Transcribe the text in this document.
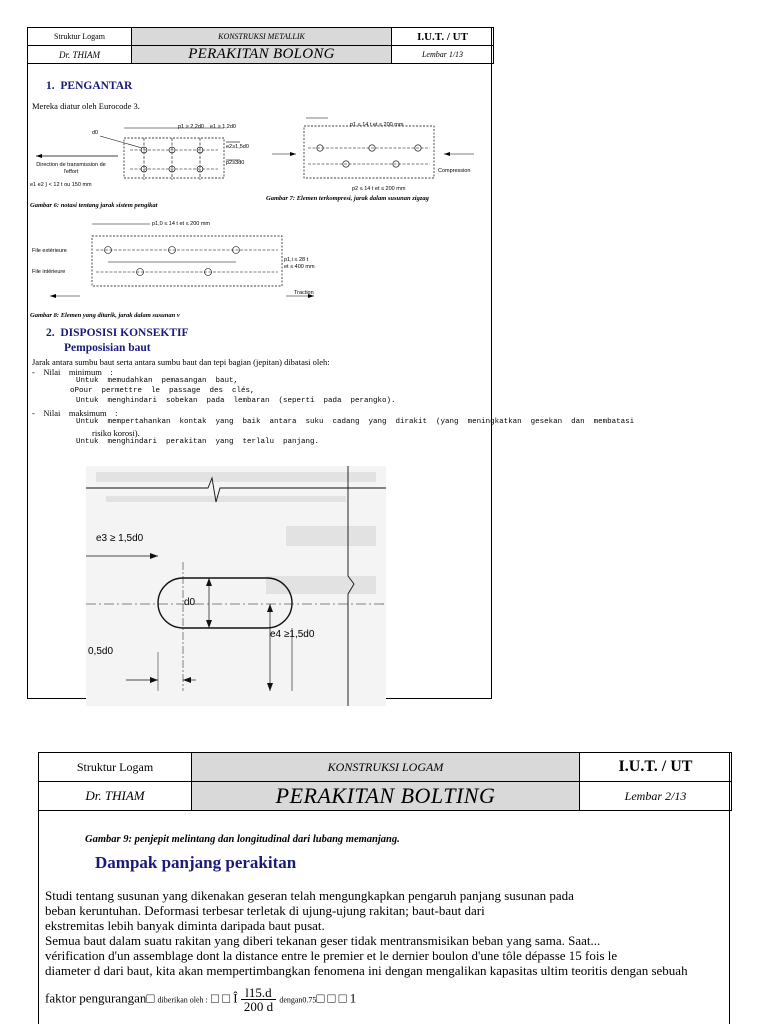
Struktur Logam	KONSTRUKSI METALLIK	I.U.T. / UT
Dr. THIAM	PERAKITAN BOLONG	Lembar 1/13
1. PENGANTAR
Mereka diatur oleh Eurocode 3.
d0
p1 ≥ 2,2d0 e1 ≥ 1,2d0
e2≥1,5d0
p2≥3d0
Direction de transmission de l'effort
e1 e2 } < 12 t ou 150 mm
Gambar 6: notasi tentang jarak sistem pengikat
p1 ≤ 14 t et ≤ 200 mm
p2 ≤ 14 t et ≤ 200 mm
Compression
Gambar 7: Elemen terkompresi, jarak dalam susunan zigzag
p1,0 ≤ 14 t et ≤ 200 mm
File extérieure
File intérieure
p1,i ≤ 28 t
et ≤ 400 mm
Traction
Gambar 8: Elemen yang ditarik, jarak dalam susunan v
2. DISPOSISI KONSEKTIF
Pemposisian baut
Jarak antara sumbu baut serta antara sumbu baut dan tepi bagian (jepitan) dibatasi oleh:
-    Nilai    minimum    :
Untuk  memudahkan  pemasangan  baut,
oPour  permettre  le  passage  des  clés,
Untuk  menghindari  sobekan  pada  lembaran  (seperti  pada  perangko).
-    Nilai    maksimum    :
Untuk  mempertahankan  kontak  yang  baik  antara  suku  cadang  yang  dirakit  (yang  meningkatkan  gesekan  dan  membatasi
risiko korosi).
Untuk  menghindari  perakitan  yang  terlalu  panjang.
e3 ≥ 1,5d0
d0
e4 ≥1,5d0
0,5d0
Struktur Logam	KONSTRUKSI LOGAM	I.U.T. / UT
Dr. THIAM	PERAKITAN BOLTING	Lembar 2/13
Gambar 9: penjepit melintang dan longitudinal dari lubang memanjang.
Dampak panjang perakitan
Studi tentang susunan yang dikenakan geseran telah mengungkapkan pengaruh panjang susunan pada
beban keruntuhan. Deformasi terbesar terletak di ujung-ujung rakitan; baut-baut dari
ekstremitas lebih banyak diminta daripada baut pusat.
Semua baut dalam suatu rakitan yang diberi tekanan geser tidak mentransmisikan beban yang sama. Saat...
vérification d'un assemblage dont la distance entre le premier et le dernier boulon d'une tôle dépasse 15 fois le
diameter d dari baut, kita akan mempertimbangkan fenomena ini dengan mengalikan kapasitas ultim teoritis dengan sebuah
faktor pengurangan□ diberikan oleh : □ □ Î $\frac{l15.d}{200 d}$ dengan0.75□ □ □ 1
